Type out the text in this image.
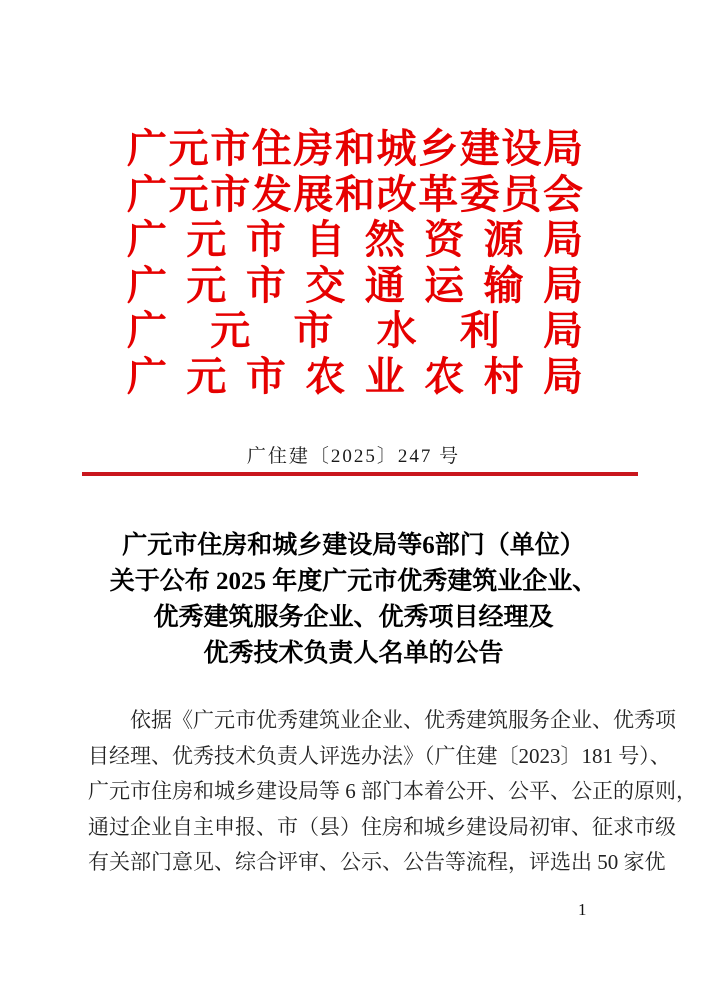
广元市住房和城乡建设局
广元市发展和改革委员会
广元市自然资源局
广元市交通运输局
广元市水利局
广元市农业农村局
广住建〔2025〕247 号
广元市住房和城乡建设局等6部门（单位）
关于公布 2025 年度广元市优秀建筑业企业、
优秀建筑服务企业、优秀项目经理及
优秀技术负责人名单的公告
依据《广元市优秀建筑业企业、优秀建筑服务企业、优秀项
目经理、优秀技术负责人评选办法》（广住建〔2023〕181 号）、
广元市住房和城乡建设局等 6 部门本着公开、公平、公正的原则，
通过企业自主申报、市（县）住房和城乡建设局初审、征求市级
有关部门意见、综合评审、公示、公告等流程，评选出 50 家优
1
